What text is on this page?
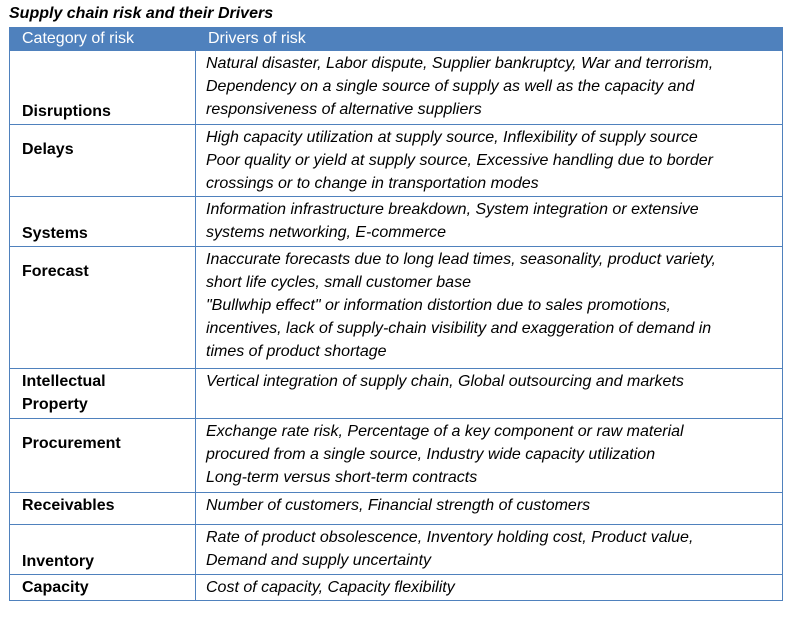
Supply chain risk and their Drivers
Category of risk	Drivers of risk
Disruptions	Natural disaster, Labor dispute, Supplier bankruptcy, War and terrorism,
Dependency on a single source of supply as well as the capacity and
responsiveness of alternative suppliers

Delays	High capacity utilization at supply source, Inflexibility of supply source
Poor quality or yield at supply source, Excessive handling due to border
crossings or to change in transportation modes

Systems	Information infrastructure breakdown, System integration or extensive
systems networking, E-commerce

Forecast	Inaccurate forecasts due to long lead times, seasonality, product variety,
short life cycles, small customer base
"Bullwhip effect" or information distortion due to sales promotions,
incentives, lack of supply-chain visibility and exaggeration of demand in
times of product shortage

Intellectual
Property	Vertical integration of supply chain, Global outsourcing and markets

Procurement	Exchange rate risk, Percentage of a key component or raw material
procured from a single source, Industry wide capacity utilization
Long-term versus short-term contracts

Receivables	Number of customers, Financial strength of customers

Inventory	Rate of product obsolescence, Inventory holding cost, Product value,
Demand and supply uncertainty

Capacity	Cost of capacity, Capacity flexibility
